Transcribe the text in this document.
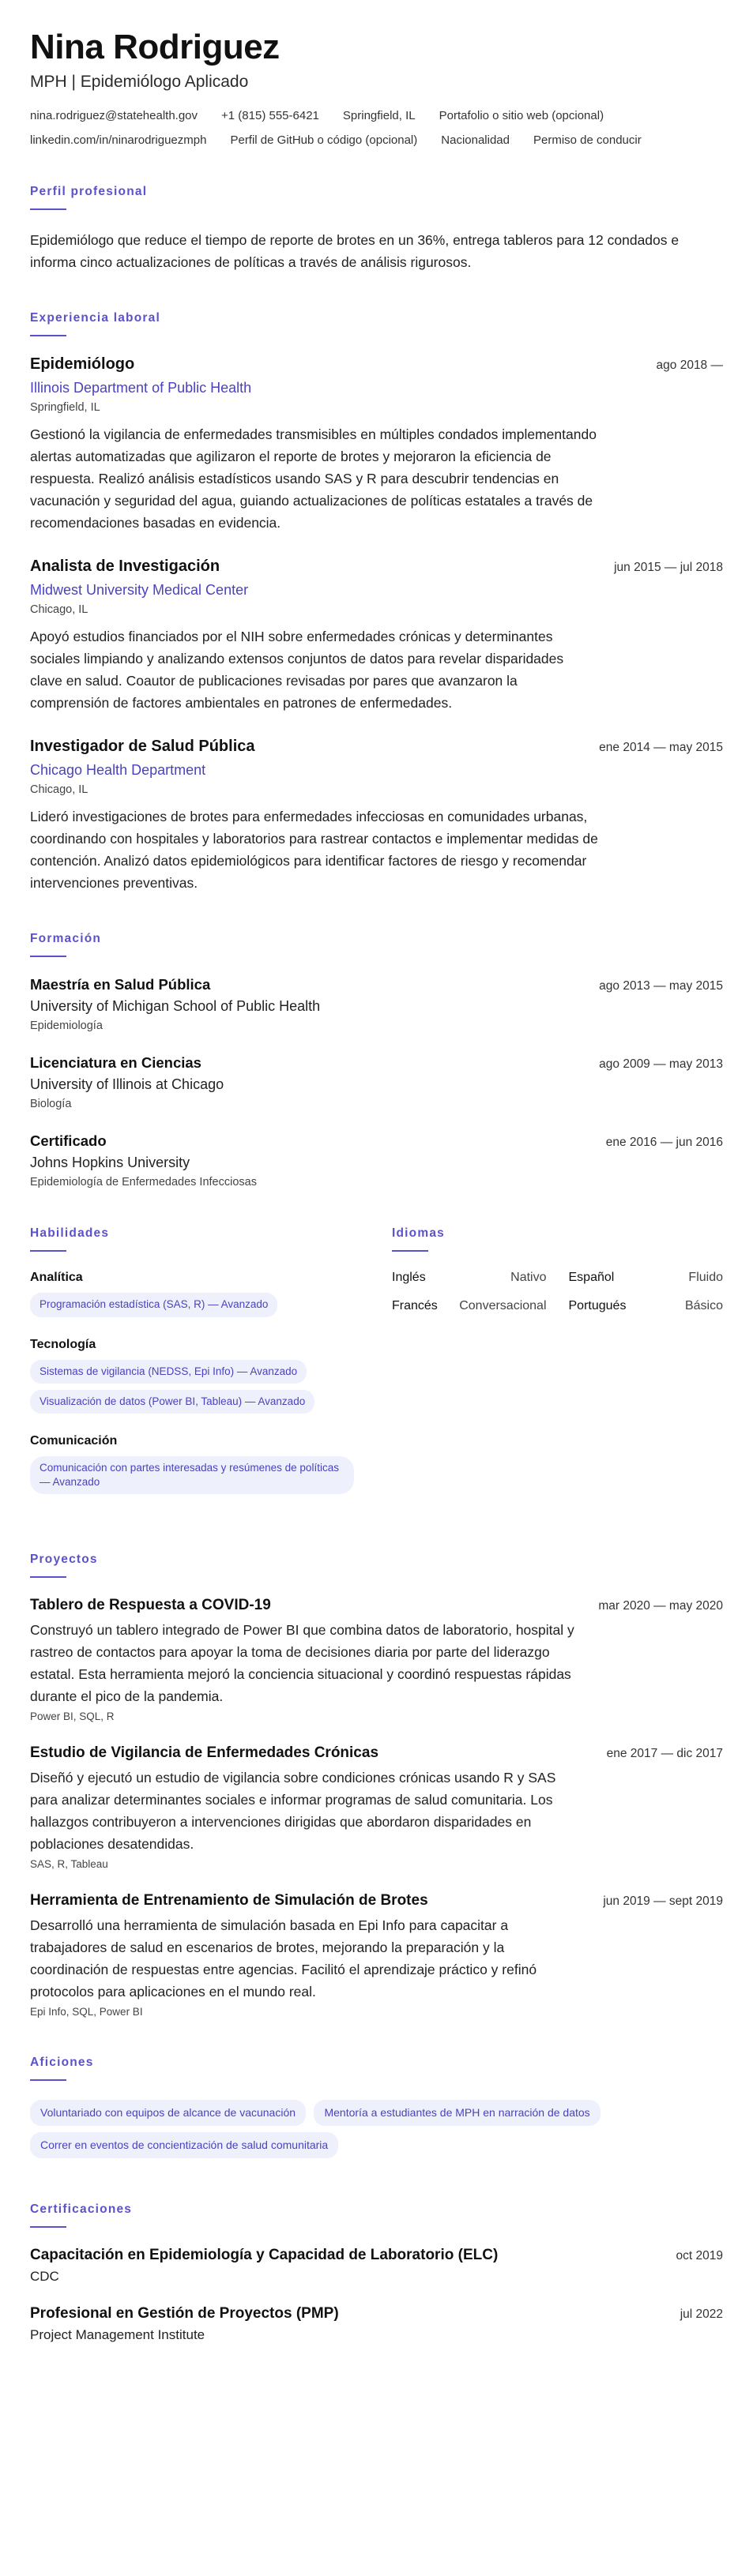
Nina Rodriguez
MPH | Epidemiólogo Aplicado
nina.rodriguez@statehealth.gov +1 (815) 555-6421 Springfield, IL Portafolio o sitio web (opcional)
linkedin.com/in/ninarodriguezmph Perfil de GitHub o código (opcional) Nacionalidad Permiso de conducir
Perfil profesional

Epidemiólogo que reduce el tiempo de reporte de brotes en un 36%, entrega tableros para 12 condados e informa cinco actualizaciones de políticas a través de análisis rigurosos.

Experiencia laboral
Epidemiólogo	ago 2018 —
Illinois Department of Public Health
Springfield, IL

Gestionó la vigilancia de enfermedades transmisibles en múltiples condados implementando alertas automatizadas que agilizaron el reporte de brotes y mejoraron la eficiencia de respuesta. Realizó análisis estadísticos usando SAS y R para descubrir tendencias en vacunación y seguridad del agua, guiando actualizaciones de políticas estatales a través de recomendaciones basadas en evidencia.

Analista de Investigación	jun 2015 — jul 2018
Midwest University Medical Center
Chicago, IL

Apoyó estudios financiados por el NIH sobre enfermedades crónicas y determinantes sociales limpiando y analizando extensos conjuntos de datos para revelar disparidades clave en salud. Coautor de publicaciones revisadas por pares que avanzaron la comprensión de factores ambientales en patrones de enfermedades.

Investigador de Salud Pública	ene 2014 — may 2015
Chicago Health Department
Chicago, IL

Lideró investigaciones de brotes para enfermedades infecciosas en comunidades urbanas, coordinando con hospitales y laboratorios para rastrear contactos e implementar medidas de contención. Analizó datos epidemiológicos para identificar factores de riesgo y recomendar intervenciones preventivas.

Formación
Maestría en Salud Pública	ago 2013 — may 2015
University of Michigan School of Public Health
Epidemiología
Licenciatura en Ciencias	ago 2009 — may 2013
University of Illinois at Chicago
Biología
Certificado	ene 2016 — jun 2016
Johns Hopkins University
Epidemiología de Enfermedades Infecciosas
Habilidades
Analítica
Programación estadística (SAS, R) — Avanzado
Tecnología
Sistemas de vigilancia (NEDSS, Epi Info) — Avanzado
Visualización de datos (Power BI, Tableau) — Avanzado
Comunicación
Comunicación con partes interesadas y resúmenes de políticas — Avanzado
Idiomas
Inglés	Nativo Español	Fluido
Francés Conversacional Portugués	Básico
Proyectos
Tablero de Respuesta a COVID-19	mar 2020 — may 2020

Construyó un tablero integrado de Power BI que combina datos de laboratorio, hospital y rastreo de contactos para apoyar la toma de decisiones diaria por parte del liderazgo estatal. Esta herramienta mejoró la conciencia situacional y coordinó respuestas rápidas durante el pico de la pandemia.

Power BI, SQL, R
Estudio de Vigilancia de Enfermedades Crónicas	ene 2017 — dic 2017

Diseñó y ejecutó un estudio de vigilancia sobre condiciones crónicas usando R y SAS para analizar determinantes sociales e informar programas de salud comunitaria. Los hallazgos contribuyeron a intervenciones dirigidas que abordaron disparidades en poblaciones desatendidas.

SAS, R, Tableau
Herramienta de Entrenamiento de Simulación de Brotes	jun 2019 — sept 2019

Desarrolló una herramienta de simulación basada en Epi Info para capacitar a trabajadores de salud en escenarios de brotes, mejorando la preparación y la coordinación de respuestas entre agencias. Facilitó el aprendizaje práctico y refinó protocolos para aplicaciones en el mundo real.

Epi Info, SQL, Power BI
Aficiones
Voluntariado con equipos de alcance de vacunación	Mentoría a estudiantes de MPH en narración de datos
Correr en eventos de concientización de salud comunitaria
Certificaciones
Capacitación en Epidemiología y Capacidad de Laboratorio (ELC)	oct 2019
CDC
Profesional en Gestión de Proyectos (PMP)	jul 2022
Project Management Institute
